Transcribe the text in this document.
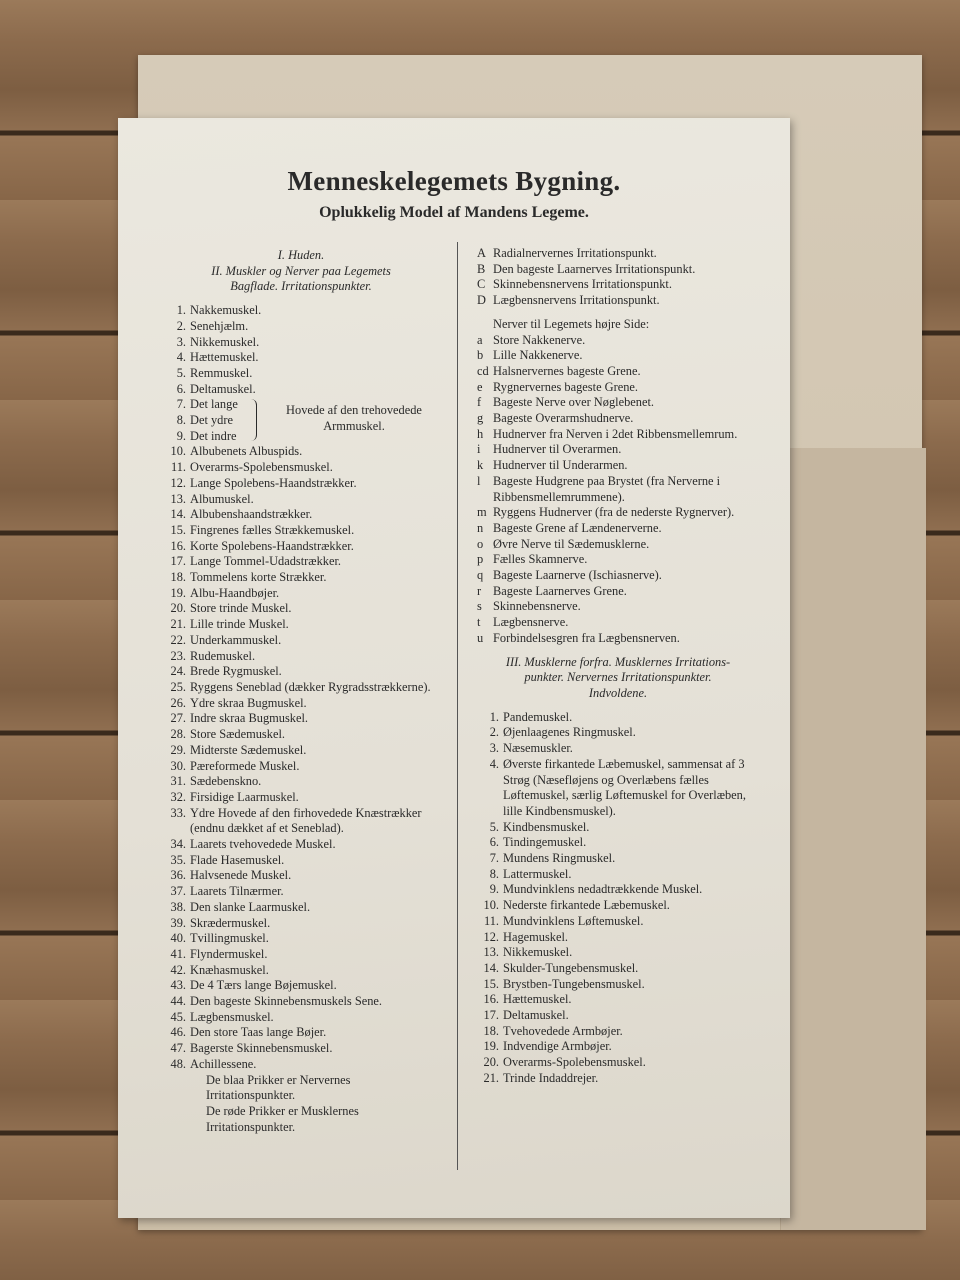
Menneskelegemets Bygning.
Oplukkelig Model af Mandens Legeme.
I. Huden.
II. Muskler og Nerver paa Legemets
Bagflade. Irritationspunkter.
1. Nakkemuskel.
2. Senehjælm.
3. Nikkemuskel.
4. Hættemuskel.
5. Remmuskel.
6. Deltamuskel.
7. Det lange
8. Det ydre
9. Det indre
Hovede af den trehovedede Armmuskel.
10. Albubenets Albuspids.
11. Overarms-Spolebensmuskel.
12. Lange Spolebens-Haandstrækker.
13. Albumuskel.
14. Albubenshaandstrækker.
15. Fingrenes fælles Strækkemuskel.
16. Korte Spolebens-Haandstrækker.
17. Lange Tommel-Udadstrækker.
18. Tommelens korte Strækker.
19. Albu-Haandbøjer.
20. Store trinde Muskel.
21. Lille trinde Muskel.
22. Underkammuskel.
23. Rudemuskel.
24. Brede Rygmuskel.
25. Ryggens Seneblad (dækker Rygradsstrækkerne).
26. Ydre skraa Bugmuskel.
27. Indre skraa Bugmuskel.
28. Store Sædemuskel.
29. Midterste Sædemuskel.
30. Pæreformede Muskel.
31. Sædebensknο.
32. Firsidige Laarmuskel.
33. Ydre Hovede af den firhovedede Knæstrækker (endnu dækket af et Seneblad).
34. Laarets tvehovedede Muskel.
35. Flade Hasemuskel.
36. Halvsenede Muskel.
37. Laarets Tilnærmer.
38. Den slanke Laarmuskel.
39. Skrædermuskel.
40. Tvillingmuskel.
41. Flyndermuskel.
42. Knæhasmuskel.
43. De 4 Tærs lange Bøjemuskel.
44. Den bageste Skinnebensmuskels Sene.
45. Lægbensmuskel.
46. Den store Taas lange Bøjer.
47. Bagerste Skinnebensmuskel.
48. Achillessene.
De blaa Prikker er Nervernes Irritationspunkter.
De røde Prikker er Musklernes Irritationspunkter.
A Radialnervernes Irritationspunkt.
B Den bageste Laarnerves Irritationspunkt.
C Skinnebensnervens Irritationspunkt.
D Lægbensnervens Irritationspunkt.
Nerver til Legemets højre Side:
a Store Nakkenerve.
b Lille Nakkenerve.
cd Halsnervernes bageste Grene.
e Rygnervernes bageste Grene.
f Bageste Nerve over Nøglebenet.
g Bageste Overarmshudnerve.
h Hudnerver fra Nerven i 2det Ribbensmellemrum.
i	Hudnerver til Overarmen.
k Hudnerver til Underarmen.
l	Bageste Hudgrene paa Brystet (fra Nerverne i Ribbensmellemrummene).
m Ryggens Hudnerver (fra de nederste Rygnerver).
n Bageste Grene af Lændenerverne.
o Øvre Nerve til Sædemusklerne.
p Fælles Skamnerve.
q Bageste Laarnerve (Ischiasnerve).
r Bageste Laarnerves Grene.
s Skinnebensnerve.
t	Lægbensnerve.
u Forbindelsesgren fra Lægbensnerven.
III. Musklerne forfra. Musklernes Irritations-
punkter. Nervernes Irritationspunkter.
Indvoldene.
1. Pandemuskel.
2. Øjenlaagenes Ringmuskel.
3. Næsemuskler.
4. Øverste firkantede Læbemuskel, sammensat af 3 Strøg (Næsefløjens og Overlæbens fælles Løftemuskel, særlig Løftemuskel for Overlæben, lille Kindbensmuskel).
5. Kindbensmuskel.
6. Tindingemuskel.
7. Mundens Ringmuskel.
8. Lattermuskel.
9. Mundvinklens nedadtrækkende Muskel.
10. Nederste firkantede Læbemuskel.
11. Mundvinklens Løftemuskel.
12. Hagemuskel.
13. Nikkemuskel.
14. Skulder-Tungebensmuskel.
15. Brystben-Tungebensmuskel.
16. Hættemuskel.
17. Deltamuskel.
18. Tvehovedede Armbøjer.
19. Indvendige Armbøjer.
20. Overarms-Spolebensmuskel.
21. Trinde Indaddrejer.
